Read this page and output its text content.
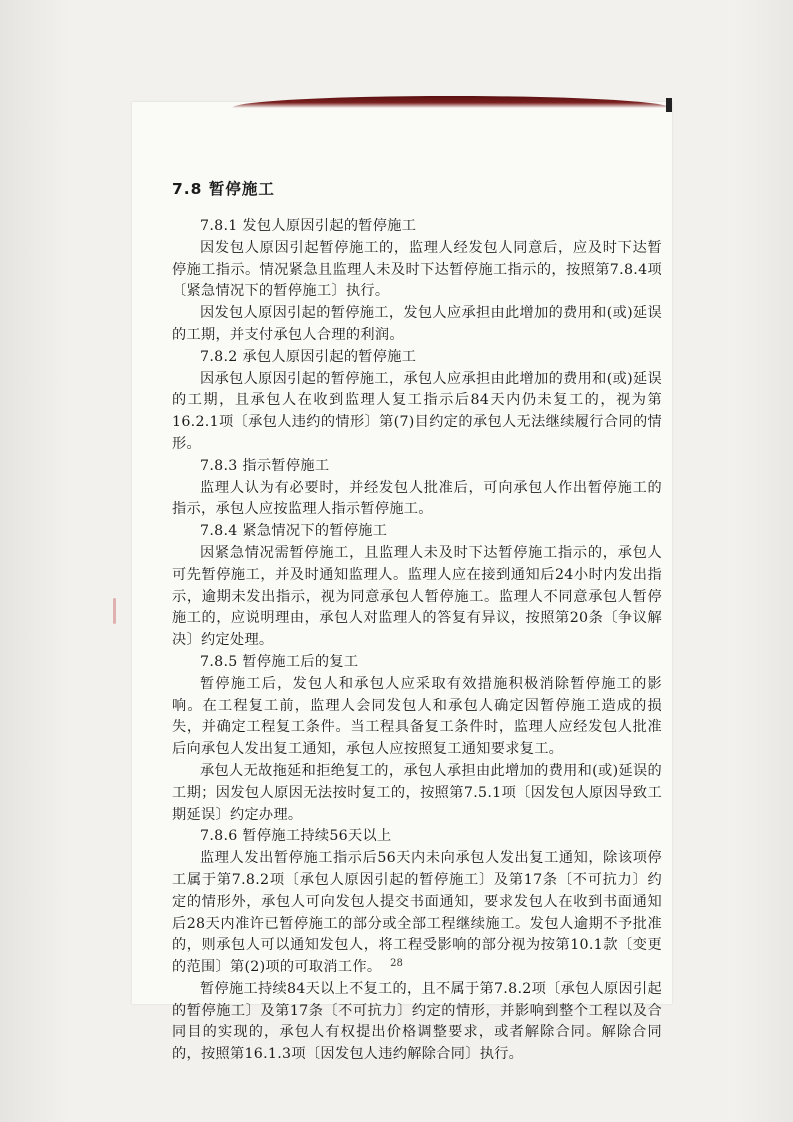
7.8 暂停施工

7.8.1 发包人原因引起的暂停施工

因发包人原因引起暂停施工的，监理人经发包人同意后，应及时下达暂停施工指示。情况紧急且监理人未及时下达暂停施工指示的，按照第7.8.4项〔紧急情况下的暂停施工〕执行。

因发包人原因引起的暂停施工，发包人应承担由此增加的费用和(或)延误的工期，并支付承包人合理的利润。

7.8.2 承包人原因引起的暂停施工

因承包人原因引起的暂停施工，承包人应承担由此增加的费用和(或)延误的工期，且承包人在收到监理人复工指示后84天内仍未复工的，视为第16.2.1项〔承包人违约的情形〕第(7)目约定的承包人无法继续履行合同的情形。

7.8.3 指示暂停施工

监理人认为有必要时，并经发包人批准后，可向承包人作出暂停施工的指示，承包人应按监理人指示暂停施工。

7.8.4 紧急情况下的暂停施工

因紧急情况需暂停施工，且监理人未及时下达暂停施工指示的，承包人可先暂停施工，并及时通知监理人。监理人应在接到通知后24小时内发出指示，逾期未发出指示，视为同意承包人暂停施工。监理人不同意承包人暂停施工的，应说明理由，承包人对监理人的答复有异议，按照第20条〔争议解决〕约定处理。

7.8.5 暂停施工后的复工

暂停施工后，发包人和承包人应采取有效措施积极消除暂停施工的影响。在工程复工前，监理人会同发包人和承包人确定因暂停施工造成的损失，并确定工程复工条件。当工程具备复工条件时，监理人应经发包人批准后向承包人发出复工通知，承包人应按照复工通知要求复工。

承包人无故拖延和拒绝复工的，承包人承担由此增加的费用和(或)延误的工期；因发包人原因无法按时复工的，按照第7.5.1项〔因发包人原因导致工期延误〕约定办理。

7.8.6 暂停施工持续56天以上

监理人发出暂停施工指示后56天内未向承包人发出复工通知，除该项停工属于第7.8.2项〔承包人原因引起的暂停施工〕及第17条〔不可抗力〕约定的情形外，承包人可向发包人提交书面通知，要求发包人在收到书面通知后28天内准许已暂停施工的部分或全部工程继续施工。发包人逾期不予批准的，则承包人可以通知发包人，将工程受影响的部分视为按第10.1款〔变更的范围〕第(2)项的可取消工作。

暂停施工持续84天以上不复工的，且不属于第7.8.2项〔承包人原因引起的暂停施工〕及第17条〔不可抗力〕约定的情形，并影响到整个工程以及合同目的实现的，承包人有权提出价格调整要求，或者解除合同。解除合同的，按照第16.1.3项〔因发包人违约解除合同〕执行。

28
